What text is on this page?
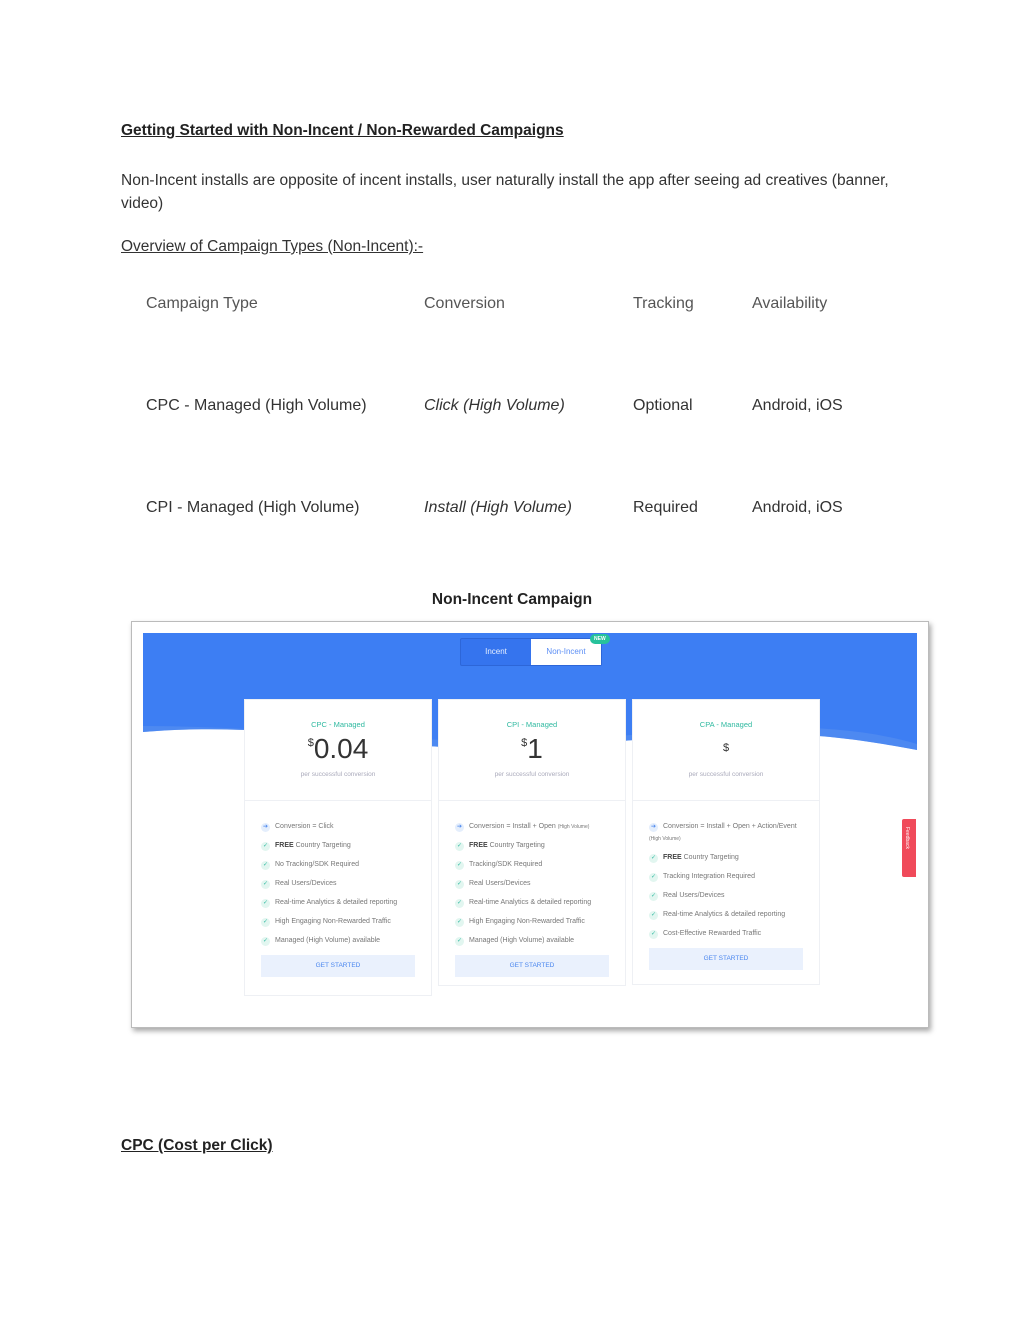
Getting Started with Non-Incent / Non-Rewarded Campaigns
Non-Incent installs are opposite of incent installs, user naturally install the app after seeing ad creatives (banner, video)
Overview of Campaign Types (Non-Incent):-
Campaign Type	Conversion	Tracking	Availability
CPC - Managed (High Volume)	Click (High Volume)	Optional	Android, iOS
CPI - Managed (High Volume)	Install (High Volume)	Required	Android, iOS
Non-Incent Campaign
Incent	Non-Incent
NEW
CPC - Managed
$0.04
per successful conversion
➔ Conversion = Click
✓ FREE Country Targeting
✓ No Tracking/SDK Required
✓ Real Users/Devices
✓ Real-time Analytics & detailed reporting
✓ High Engaging Non-Rewarded Traffic
✓ Managed (High Volume) available
GET STARTED
CPI - Managed
$1
per successful conversion
➔ Conversion = Install + Open (High Volume)
✓ FREE Country Targeting
✓ Tracking/SDK Required
✓ Real Users/Devices
✓ Real-time Analytics & detailed reporting
✓ High Engaging Non-Rewarded Traffic
✓ Managed (High Volume) available
GET STARTED
CPA - Managed
$
per successful conversion
➔ Conversion = Install + Open + Action/Event (High Volume)
✓ FREE Country Targeting
✓ Tracking Integration Required
✓ Real Users/Devices
✓ Real-time Analytics & detailed reporting
✓ Cost-Effective Rewarded Traffic
GET STARTED
Feedback
CPC (Cost per Click)
